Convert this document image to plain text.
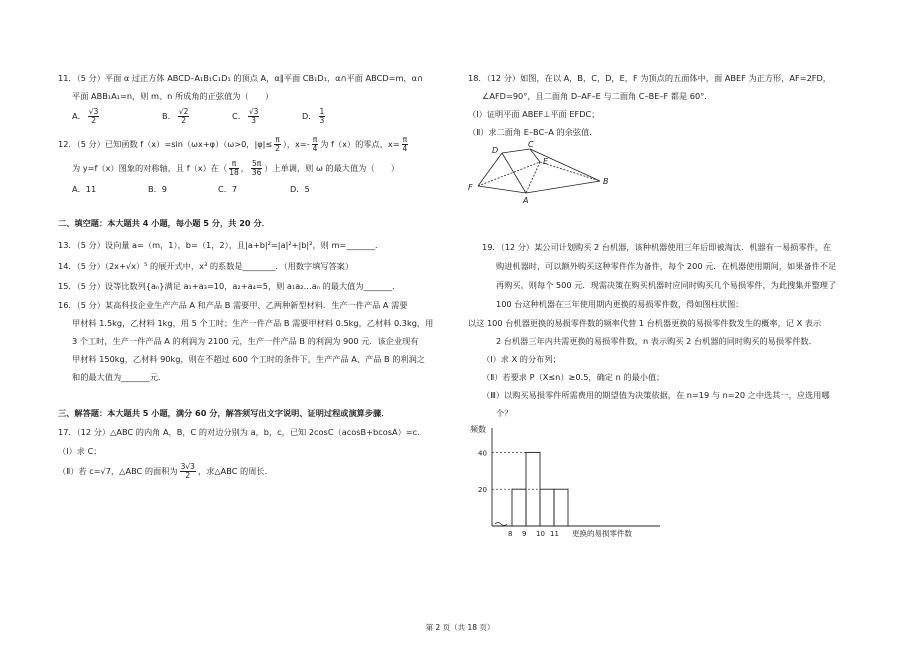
11．（5 分）平面 α 过正方体 ABCD–A₁B₁C₁D₁ 的顶点 A，α∥平面 CB₁D₁，α∩平面 ABCD=m，α∩
平面 ABB₁A₁=n，则 m、n 所成角的正弦值为（　　）
A． $\frac{√3}{2}$	B． $\frac{√2}{2}$	C． $\frac{√3}{3}$	D． $\frac{1}{3}$
12．（5 分）已知函数 f（x）=sin（ωx+φ）（ω>0，$|\varphi|\le \frac{\pi}{2}$ ），$x=- \frac{\pi}{4}$ 为 f（x）的零点，$x= \frac{\pi}{4}$
为 y=f（x）图象的对称轴，且 f（x）在（ $\frac{\pi}{18}$ ， $\frac{5\pi}{36}$ ）上单调，则 ω 的最大值为（　　）
A．11	B．9	C．7	D．5
二、填空题：本大题共 4 小题，每小题 5 分，共 20 分．
13．（5 分）设向量 a=（m，1），b=（1，2），且|a+b|²=|a|²+|b|²，则 m=_______．
14．（5 分）（2x+√x）⁵ 的展开式中，x³ 的系数是________．（用数字填写答案）
15．（5 分）设等比数列{aₙ}满足 a₁+a₃=10，a₂+a₄=5，则 a₁a₂…aₙ 的最大值为_______．
16．（5 分）某高科技企业生产产品 A 和产品 B 需要甲、乙两种新型材料．生产一件产品 A 需要
甲材料 1.5kg，乙材料 1kg，用 5 个工时；生产一件产品 B 需要甲材料 0.5kg，乙材料 0.3kg，用
3 个工时，生产一件产品 A 的利润为 2100 元，生产一件产品 B 的利润为 900 元．该企业现有
甲材料 150kg，乙材料 90kg，则在不超过 600 个工时的条件下，生产产品 A、产品 B 的利润之
和的最大值为_______元．
三、解答题：本大题共 5 小题，满分 60 分，解答须写出文字说明、证明过程或演算步骤．
17．（12 分）△ABC 的内角 A，B，C 的对边分别为 a，b，c，已知 2cosC（acosB+bcosA）=c．
（Ⅰ）求 C；
（Ⅱ）若 c=√7，△ABC 的面积为 $\frac{3√3}{2}$ ，求△ABC 的周长．
18．（12 分）如图，在以 A，B，C，D，E，F 为顶点的五面体中，面 ABEF 为正方形，AF=2FD，
∠AFD=90°，且二面角 D–AF–E 与二面角 C–BE–F 都是 60°．
（Ⅰ）证明平面 ABEF⊥平面 EFDC；
（Ⅱ）求二面角 E–BC–A 的余弦值．
D
C
E
F
B
A
19．（12 分）某公司计划购买 2 台机器，该种机器使用三年后即被淘汰．机器有一易损零件，在
购进机器时，可以额外购买这种零件作为备件，每个 200 元．在机器使用期间，如果备件不足
再购买，则每个 500 元．现需决策在购买机器时应同时购买几个易损零件，为此搜集并整理了
100 台这种机器在三年使用期内更换的易损零件数，得如图柱状图：
以这 100 台机器更换的易损零件数的频率代替 1 台机器更换的易损零件数发生的概率，记 X 表示
2 台机器三年内共需更换的易损零件数，n 表示购买 2 台机器的同时购买的易损零件数．
（Ⅰ）求 X 的分布列；
（Ⅱ）若要求 P（X≤n）≥0.5，确定 n 的最小值；
（Ⅲ）以购买易损零件所需费用的期望值为决策依据，在 n=19 与 n=20 之中选其一，应选用哪
个？
频数
8 9 10 11
20
40
更换的易损零件数
第 2 页（共 18 页）
